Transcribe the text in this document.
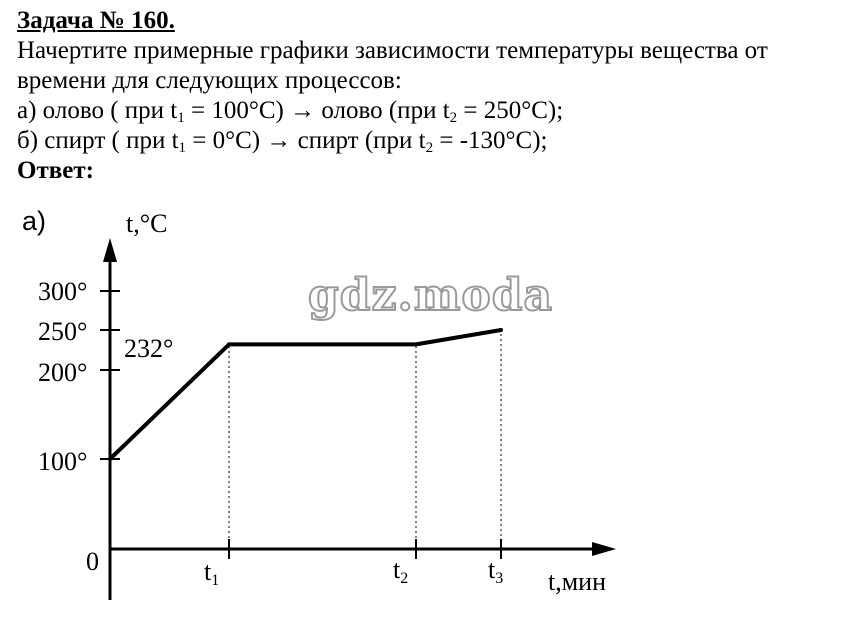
Задача № 160.
Начертите примерные графики зависимости температуры вещества от
времени для следующих процессов:
а) олово ( при $t_1 = 100^\circ C$) → олово (при $t_2 = 250^\circ C$);
б) спирт ( при $t_1 = 0^\circ C$) → спирт (при $t_2 = -130^\circ C$);
Ответ:
gdz.moda
а)	t,°C
t,мин
0
300°
250°
200°
100°
232°
t1	t2	t3
